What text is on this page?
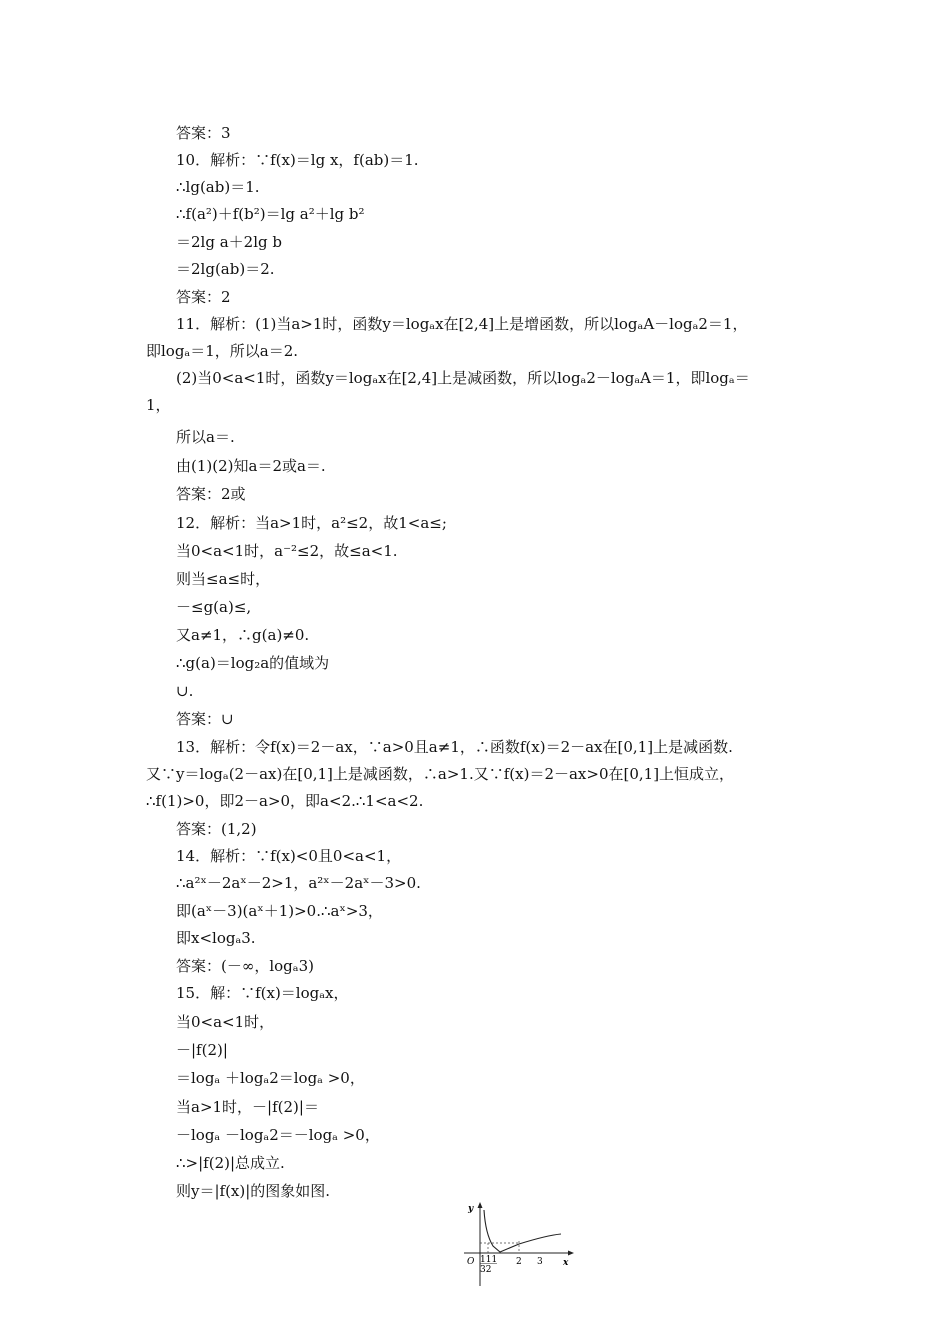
答案：3
10．解析：∵f(x)＝lg x，f(ab)＝1.
∴lg(ab)＝1.
∴f(a²)＋f(b²)＝lg a²＋lg b²
＝2lg a＋2lg b
＝2lg(ab)＝2.
答案：2
11．解析：(1)当a>1时，函数y＝logₐx在[2,4]上是增函数，所以logₐA－logₐ2＝1，
即logₐ＝1，所以a＝2.
(2)当0<a<1时，函数y＝logₐx在[2,4]上是减函数，所以logₐ2－logₐA＝1，即logₐ＝
1，
所以a＝.
由(1)(2)知a＝2或a＝.
答案：2或
12．解析：当a>1时，a²≤2，故1<a≤;
当0<a<1时，a⁻²≤2，故≤a<1.
则当≤a≤时，
－≤g(a)≤,
又a≠1，∴g(a)≠0.
∴g(a)＝log₂a的值域为
∪.
答案：∪
13．解析：令f(x)＝2－ax，∵a>0且a≠1，∴函数f(x)＝2－ax在[0,1]上是减函数.
又∵y＝logₐ(2－ax)在[0,1]上是减函数，∴a>1.又∵f(x)＝2－ax>0在[0,1]上恒成立，
∴f(1)>0，即2－a>0，即a<2.∴1<a<2.
答案：(1,2)
14．解析：∵f(x)<0且0<a<1，
∴a²ˣ－2aˣ－2>1，a²ˣ－2aˣ－3>0.
即(aˣ－3)(aˣ＋1)>0.∴aˣ>3，
即x<logₐ3.
答案：(－∞，logₐ3)
15．解：∵f(x)＝logₐx，
当0<a<1时，
－|f(2)|
＝logₐ ＋logₐ2＝logₐ >0，
当a>1时，－|f(2)|＝
－logₐ －logₐ2＝－logₐ >0，
∴>|f(2)|总成立.
则y＝|f(x)|的图象如图.
y
x
O 111
32
2 3
